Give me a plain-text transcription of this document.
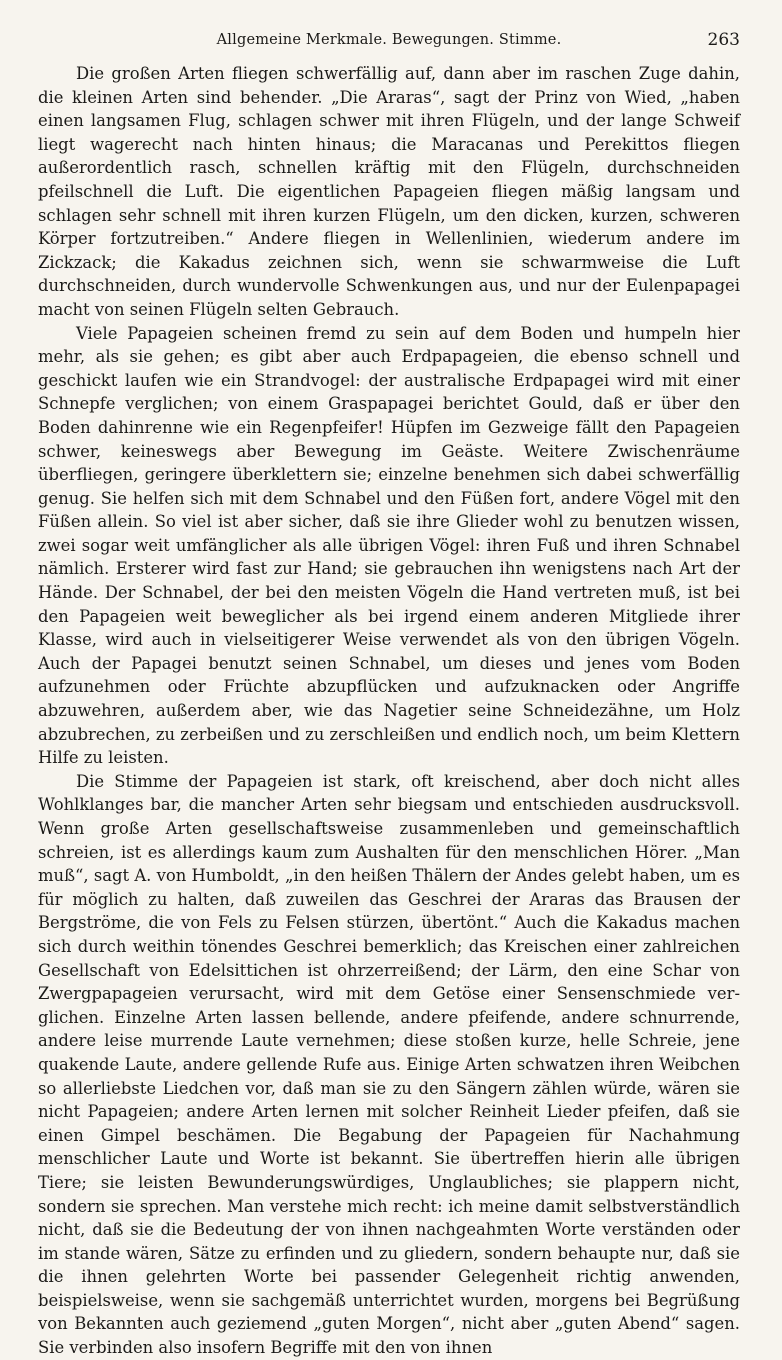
Allgemeine Merkmale. Bewegungen. Stimme.	263

Die großen Arten fliegen schwerfällig auf, dann aber im raschen Zuge dahin, die kleinen Arten sind behender. „Die Araras“, sagt der Prinz von Wied, „haben einen langsamen Flug, schlagen schwer mit ihren Flügeln, und der lange Schweif liegt wagerecht nach hinten hinaus; die Maracanas und Perekittos fliegen außerordentlich rasch, schnellen kräftig mit den Flügeln, durchschneiden pfeilschnell die Luft. Die eigentlichen Papageien fliegen mäßig langsam und schlagen sehr schnell mit ihren kurzen Flügeln, um den dicken, kurzen, schweren Körper fortzutreiben.“ Andere fliegen in Wellenlinien, wiederum andere im Zickzack; die Kakadus zeichnen sich, wenn sie schwarmweise die Luft durchschneiden, durch wundervolle Schwenkungen aus, und nur der Eulenpapagei macht von seinen Flügeln selten Gebrauch.

Viele Papageien scheinen fremd zu sein auf dem Boden und humpeln hier mehr, als sie gehen; es gibt aber auch Erdpapageien, die ebenso schnell und geschickt laufen wie ein Strandvogel: der australische Erdpapagei wird mit einer Schnepfe verglichen; von einem Graspapagei berichtet Gould, daß er über den Boden dahinrenne wie ein Regenpfeifer! Hüpfen im Gezweige fällt den Papageien schwer, keineswegs aber Bewegung im Geäste. Weitere Zwischenräume überfliegen, geringere überklettern sie; einzelne benehmen sich dabei schwerfällig genug. Sie helfen sich mit dem Schnabel und den Füßen fort, andere Vögel mit den Füßen allein. So viel ist aber sicher, daß sie ihre Glieder wohl zu benutzen wissen, zwei sogar weit umfänglicher als alle übrigen Vögel: ihren Fuß und ihren Schnabel nämlich. Ersterer wird fast zur Hand; sie gebrauchen ihn wenigstens nach Art der Hände. Der Schnabel, der bei den meisten Vögeln die Hand vertreten muß, ist bei den Papageien weit beweglicher als bei irgend einem anderen Mitgliede ihrer Klasse, wird auch in vielseitigerer Weise verwendet als von den übrigen Vögeln. Auch der Papagei benutzt seinen Schnabel, um dieses und jenes vom Boden aufzunehmen oder Früchte abzupflücken und aufzuknacken oder Angriffe abzuwehren, außerdem aber, wie das Nagetier seine Schneidezähne, um Holz abzubrechen, zu zerbeißen und zu zerschleißen und endlich noch, um beim Klettern Hilfe zu leisten.

Die Stimme der Papageien ist stark, oft kreischend, aber doch nicht alles Wohlklanges bar, die mancher Arten sehr biegsam und entschieden ausdrucksvoll. Wenn große Arten gesellschaftsweise zusammenleben und gemeinschaftlich schreien, ist es allerdings kaum zum Aushalten für den menschlichen Hörer. „Man muß“, sagt A. von Humboldt, „in den heißen Thälern der Andes gelebt haben, um es für möglich zu halten, daß zuweilen das Geschrei der Araras das Brausen der Bergströme, die von Fels zu Felsen stürzen, übertönt.“ Auch die Kakadus machen sich durch weithin tönendes Geschrei bemerklich; das Kreischen einer zahlreichen Gesellschaft von Edelsittichen ist ohrzerreißend; der Lärm, den eine Schar von Zwergpapageien verursacht, wird mit dem Getöse einer Sensenschmiede verglichen. Einzelne Arten lassen bellende, andere pfeifende, andere schnurrende, andere leise murrende Laute vernehmen; diese stoßen kurze, helle Schreie, jene quakende Laute, andere gellende Rufe aus. Einige Arten schwatzen ihren Weibchen so allerliebste Liedchen vor, daß man sie zu den Sängern zählen würde, wären sie nicht Papageien; andere Arten lernen mit solcher Reinheit Lieder pfeifen, daß sie einen Gimpel beschämen. Die Begabung der Papageien für Nachahmung menschlicher Laute und Worte ist bekannt. Sie übertreffen hierin alle übrigen Tiere; sie leisten Bewunderungswürdiges, Unglaubliches; sie plappern nicht, sondern sie sprechen. Man verstehe mich recht: ich meine damit selbstverständlich nicht, daß sie die Bedeutung der von ihnen nachgeahmten Worte verständen oder im stande wären, Sätze zu erfinden und zu gliedern, sondern behaupte nur, daß sie die ihnen gelehrten Worte bei passender Gelegenheit richtig anwenden, beispielsweise, wenn sie sachgemäß unterrichtet wurden, morgens bei Begrüßung von Bekannten auch geziemend „guten Morgen“, nicht aber „guten Abend“ sagen. Sie verbinden also insofern Begriffe mit den von ihnen
